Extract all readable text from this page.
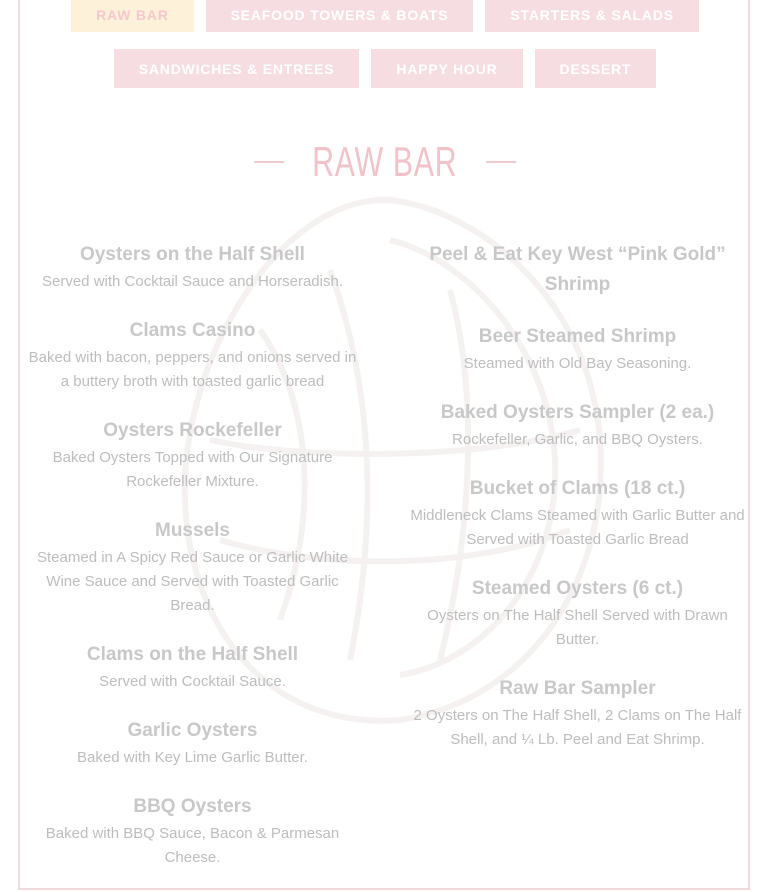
RAW BAR	SEAFOOD TOWERS & BOATS	STARTERS & SALADS
SANDWICHES & ENTREES	HAPPY HOUR	DESSERT
RAW BAR
Oysters on the Half Shell
Served with Cocktail Sauce and Horseradish.
Clams Casino
Baked with bacon, peppers, and onions served in a buttery broth with toasted garlic bread
Oysters Rockefeller
Baked Oysters Topped with Our Signature Rockefeller Mixture.
Mussels
Steamed in A Spicy Red Sauce or Garlic White Wine Sauce and Served with Toasted Garlic Bread.
Clams on the Half Shell
Served with Cocktail Sauce.
Garlic Oysters
Baked with Key Lime Garlic Butter.
BBQ Oysters
Baked with BBQ Sauce, Bacon & Parmesan Cheese.
Peel & Eat Key West “Pink Gold” Shrimp
Beer Steamed Shrimp
Steamed with Old Bay Seasoning.
Baked Oysters Sampler (2 ea.)
Rockefeller, Garlic, and BBQ Oysters.
Bucket of Clams (18 ct.)
Middleneck Clams Steamed with Garlic Butter and Served with Toasted Garlic Bread
Steamed Oysters (6 ct.)
Oysters on The Half Shell Served with Drawn Butter.
Raw Bar Sampler
2 Oysters on The Half Shell, 2 Clams on The Half Shell, and ¼ Lb. Peel and Eat Shrimp.
